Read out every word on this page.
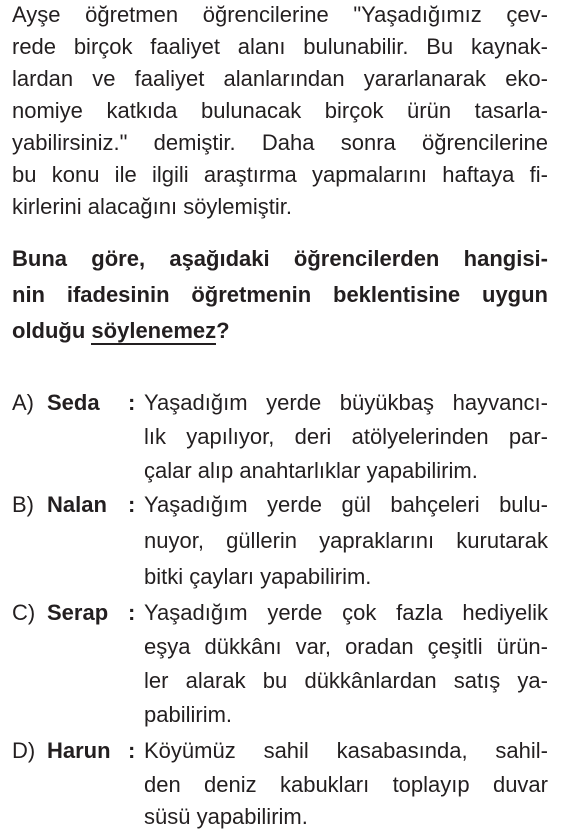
Ayşe öğretmen öğrencilerine "Yaşadığımız çev-
rede birçok faaliyet alanı bulunabilir. Bu kaynak-
lardan ve faaliyet alanlarından yararlanarak eko-
nomiye katkıda bulunacak birçok ürün tasarla-
yabilirsiniz." demiştir. Daha sonra öğrencilerine
bu konu ile ilgili araştırma yapmalarını haftaya fi-
kirlerini alacağını söylemiştir.
Buna göre, aşağıdaki öğrencilerden hangisi-
nin ifadesinin öğretmenin beklentisine uygun
olduğu söylenemez?
A) Seda : Yaşadığım yerde büyükbaş hayvancı-
lık yapılıyor, deri atölyelerinden par-
çalar alıp anahtarlıklar yapabilirim.
B) Nalan : Yaşadığım yerde gül bahçeleri bulu-
nuyor, güllerin yapraklarını kurutarak
bitki çayları yapabilirim.
C) Serap : Yaşadığım yerde çok fazla hediyelik
eşya dükkânı var, oradan çeşitli ürün-
ler alarak bu dükkânlardan satış ya-
pabilirim.
D) Harun : Köyümüz sahil kasabasında, sahil-
den deniz kabukları toplayıp duvar
süsü yapabilirim.
